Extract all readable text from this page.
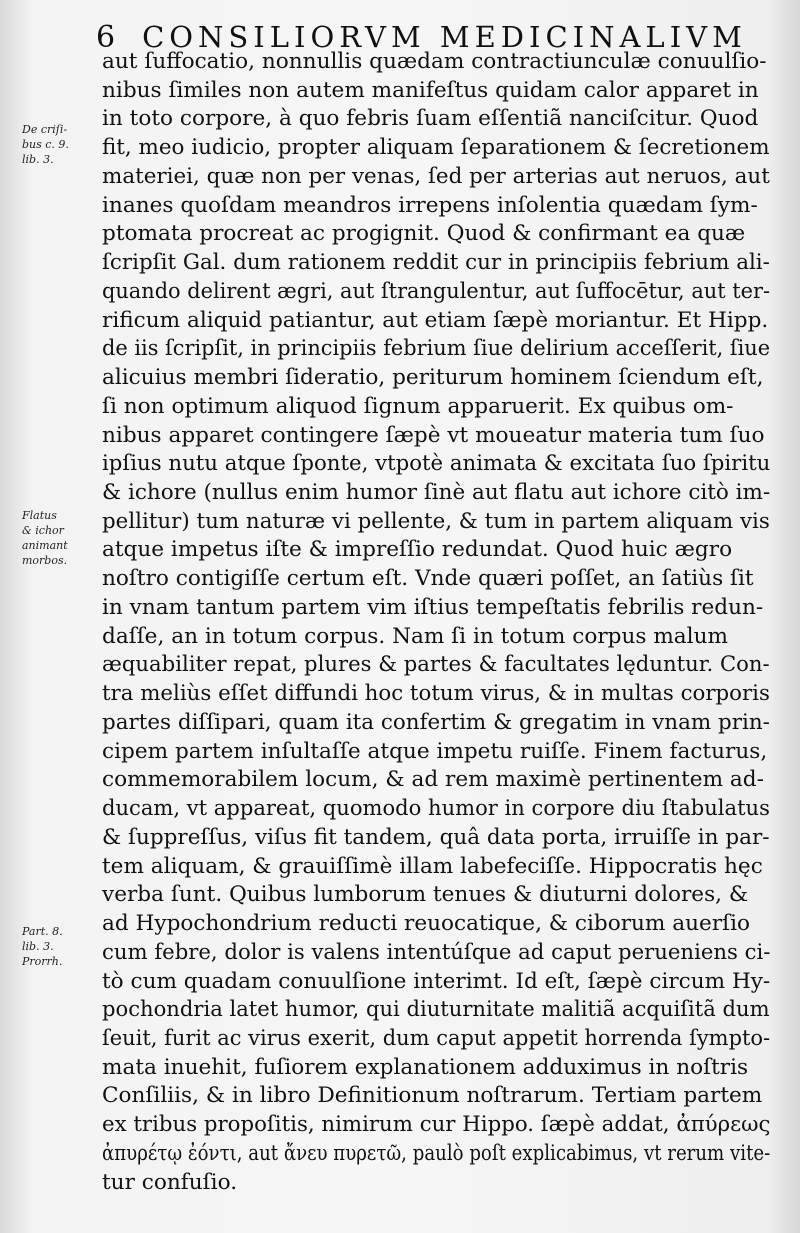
6 CONSILIORVM MEDICINALIVM
De criſi-
bus c. 9.
lib. 3.
Flatus
& ichor
animant
morbos.
Part. 8.
lib. 3.
Prorrh.
aut ſuffocatio, nonnullis quædam contractiunculæ conuulſio-
nibus ſimiles non autem manifeſtus quidam calor apparet in
in toto corpore, à quo febris ſuam eſſentiã nanciſcitur. Quod
fit, meo iudicio, propter aliquam ſeparationem & ſecretionem
materiei, quæ non per venas, ſed per arterias aut neruos, aut
inanes quoſdam meandros irrepens inſolentia quædam ſym-
ptomata procreat ac progignit. Quod & confirmant ea quæ
ſcripſit Gal. dum rationem reddit cur in principiis febrium ali-
quando delirent ægri, aut ſtrangulentur, aut ſuffocētur, aut ter-
rificum aliquid patiantur, aut etiam ſæpè moriantur. Et Hipp.
de iis ſcripſit, in principiis febrium ſiue delirium acceſſerit, ſiue
alicuius membri ſideratio, periturum hominem ſciendum eſt,
ſi non optimum aliquod ſignum apparuerit. Ex quibus om-
nibus apparet contingere ſæpè vt moueatur materia tum ſuo
ipſius nutu atque ſponte, vtpotè animata & excitata ſuo ſpiritu
& ichore (nullus enim humor ſinè aut flatu aut ichore citò im-
pellitur) tum naturæ vi pellente, & tum in partem aliquam vis
atque impetus iſte & impreſſio redundat. Quod huic ægro
noſtro contigiſſe certum eſt. Vnde quæri poſſet, an ſatiùs ſit
in vnam tantum partem vim iſtius tempeſtatis febrilis redun-
daſſe, an in totum corpus. Nam ſi in totum corpus malum
æquabiliter repat, plures & partes & facultates lęduntur. Con-
tra meliùs eſſet diffundi hoc totum virus, & in multas corporis
partes diſſipari, quam ita confertim & gregatim in vnam prin-
cipem partem inſultaſſe atque impetu ruiſſe. Finem facturus,
commemorabilem locum, & ad rem maximè pertinentem ad-
ducam, vt appareat, quomodo humor in corpore diu ſtabulatus
& ſuppreſſus, viſus fit tandem, quâ data porta, irruiſſe in par-
tem aliquam, & grauiſſimè illam labefeciſſe. Hippocratis hęc
verba ſunt. Quibus lumborum tenues & diuturni dolores, &
ad Hypochondrium reducti reuocatique, & ciborum auerſio
cum febre, dolor is valens intentúſque ad caput perueniens ci-
tò cum quadam conuulſione interimt. Id eſt, ſæpè circum Hy-
pochondria latet humor, qui diuturnitate malitiã acquiſitã dum
ſeuit, furit ac virus exerit, dum caput appetit horrenda ſympto-
mata inuehit, fuſiorem explanationem adduximus in noſtris
Conſiliis, & in libro Definitionum noſtrarum. Tertiam partem
ex tribus propoſitis, nimirum cur Hippo. ſæpè addat, ἀπύρεως
ἀπυρέτῳ ἐόντι, aut ἄνευ πυρετῶ, paulò poſt explicabimus, vt rerum vite-
tur confuſio.
